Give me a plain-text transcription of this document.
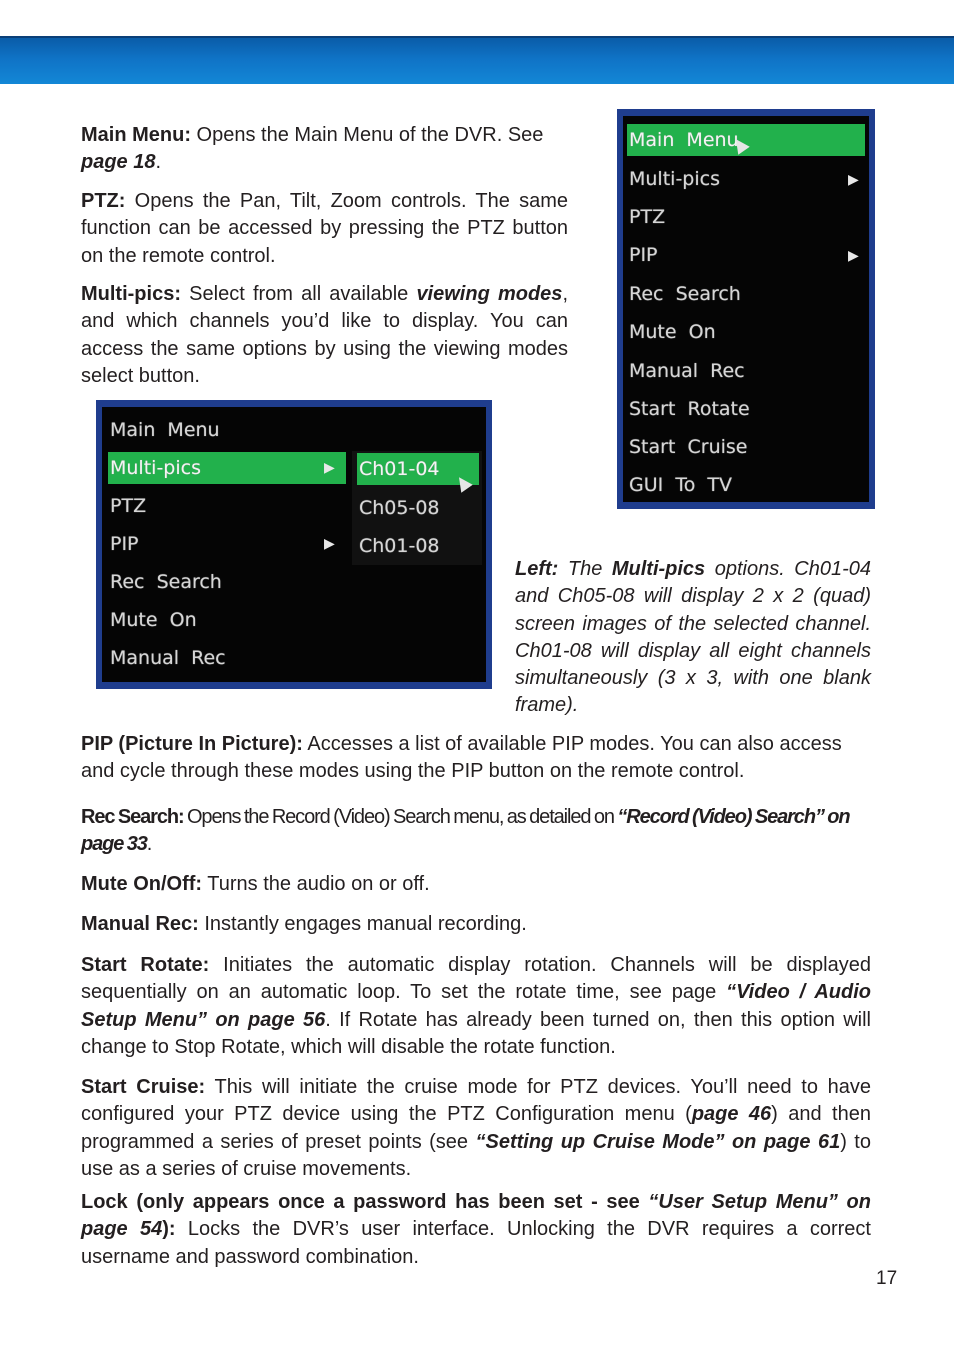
Main Menu: Opens the Main Menu of the DVR. See page 18.

PTZ: Opens the Pan, Tilt, Zoom controls. The same function can be accessed by pressing the PTZ button on the remote control.

Multi-pics: Select from all available viewing modes, and which channels you’d like to display. You can access the same options by using the viewing modes select button.

Main  Menu
Multi-pics	▶
PTZ
PIP	▶
Rec  Search
Mute  On
Manual  Rec
Start  Rotate
Start  Cruise
GUI  To  TV
Main  Menu
Multi-pics	▶
PTZ
PIP	▶
Rec  Search
Mute  On
Manual  Rec
Ch01-04
Ch05-08
Ch01-08

Left: The Multi-pics options. Ch01-04 and Ch05-08 will display 2 x 2 (quad) screen images of the selected channel. Ch01-08 will display all eight channels simultaneously (3 x 3, with one blank frame).

PIP (Picture In Picture): Accesses a list of available PIP modes. You can also access and cycle through these modes using the PIP button on the remote control.

Rec Search: Opens the Record (Video) Search menu, as detailed on “Record (Video) Search” on page 33.

Mute On/Off: Turns the audio on or off.

Manual Rec: Instantly engages manual recording.

Start Rotate: Initiates the automatic display rotation. Channels will be displayed sequentially on an automatic loop. To set the rotate time, see page “Video / Audio Setup Menu” on page 56. If Rotate has already been turned on, then this option will change to Stop Rotate, which will disable the rotate function.

Start Cruise: This will initiate the cruise mode for PTZ devices. You’ll need to have configured your PTZ device using the PTZ Configuration menu (page 46) and then programmed a series of preset points (see “Setting up Cruise Mode” on page 61) to use as a series of cruise movements.

Lock (only appears once a password has been set - see “User Setup Menu” on page 54): Locks the DVR’s user interface. Unlocking the DVR requires a correct username and password combination.

17
